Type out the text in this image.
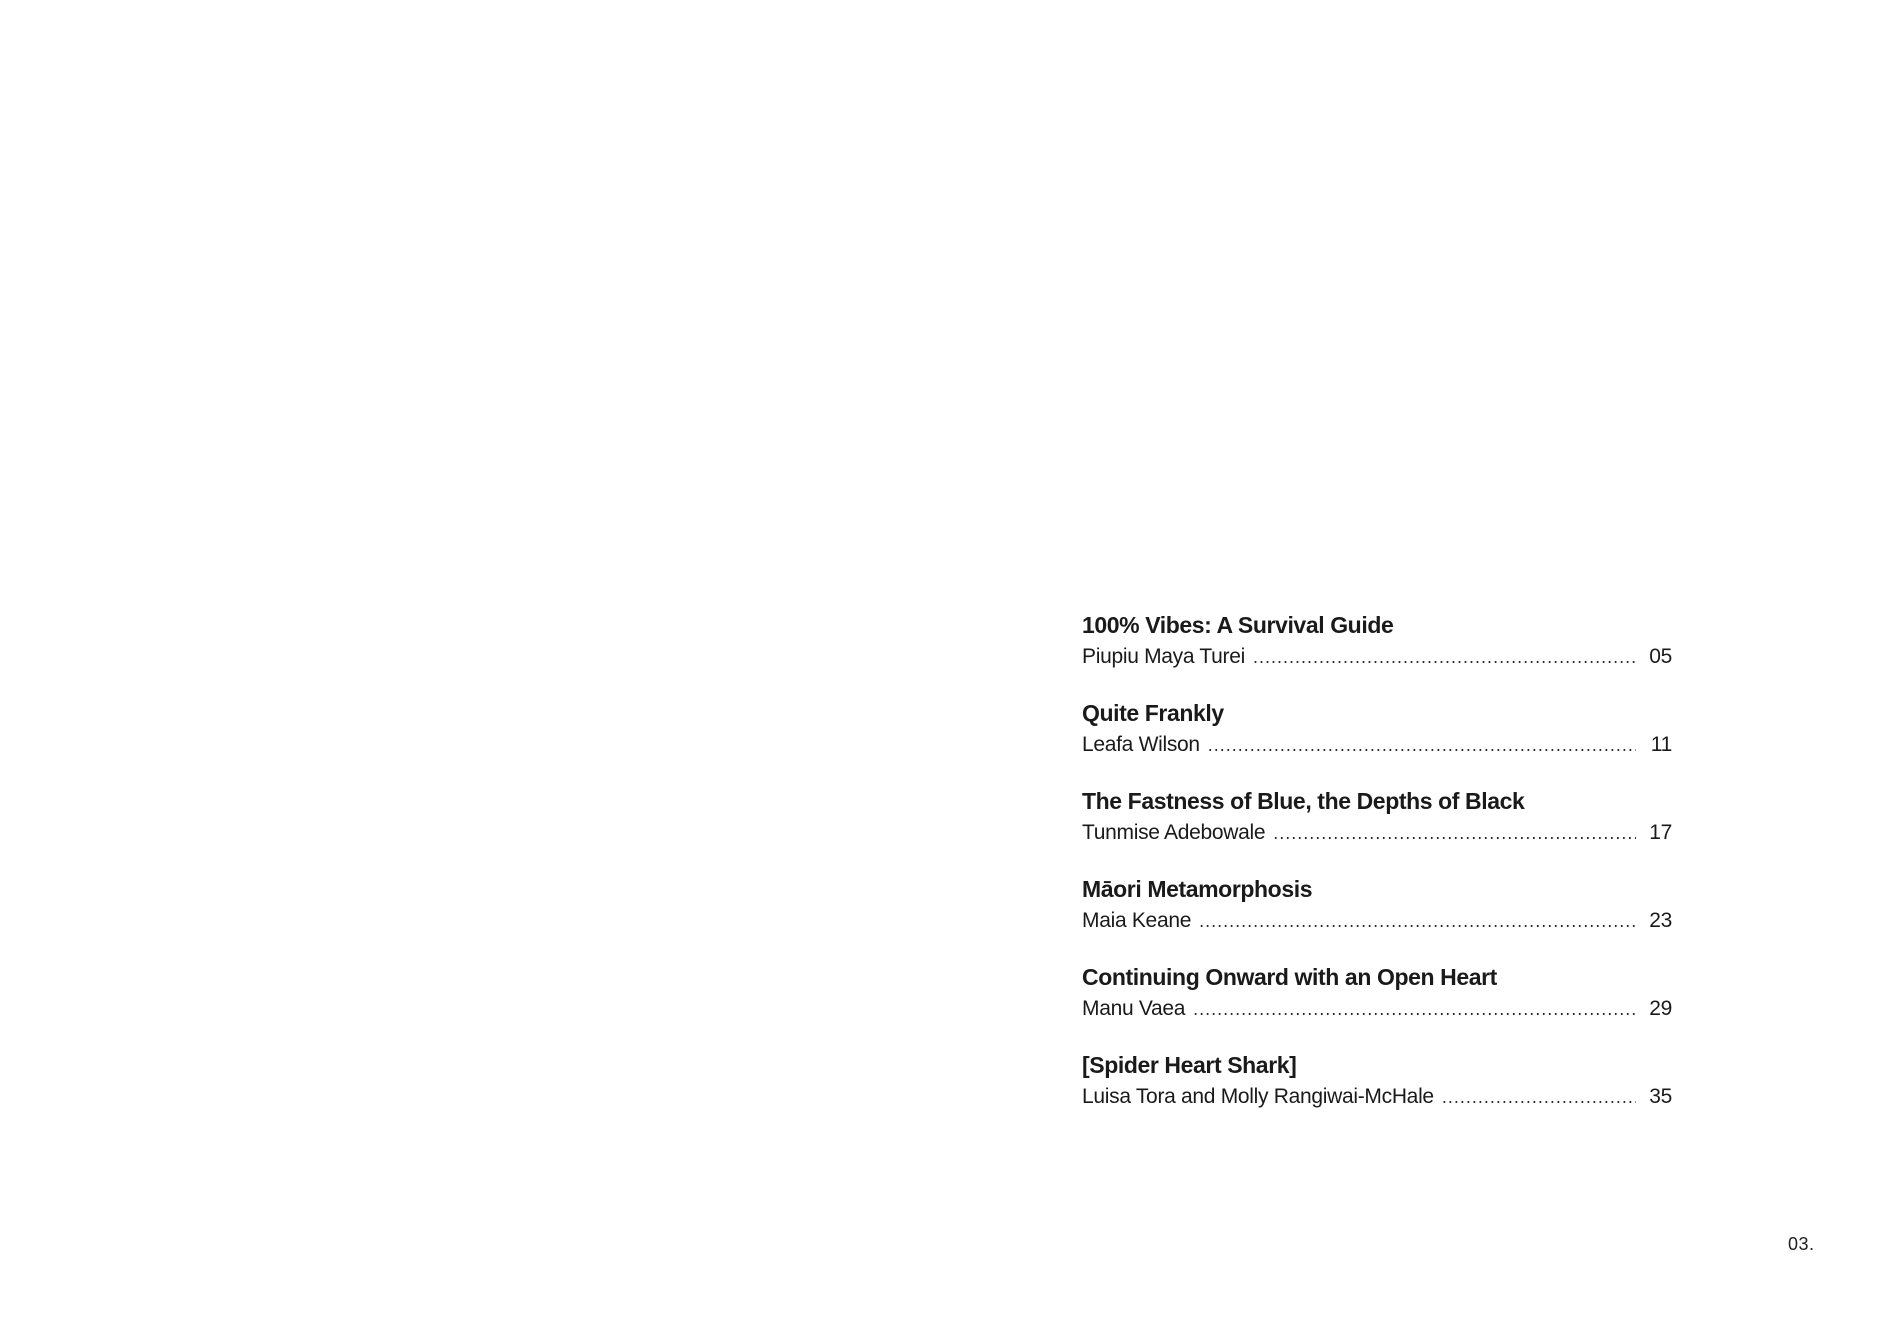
100% Vibes: A Survival Guide
Piupiu Maya Turei . . .	05
Quite Frankly
Leafa Wilson . . .	11
The Fastness of Blue, the Depths of Black
Tunmise Adebowale . . .	17
Māori Metamorphosis
Maia Keane . . .	23
Continuing Onward with an Open Heart
Manu Vaea . . .	29
[Spider Heart Shark]
Luisa Tora and Molly Rangiwai-McHale . . .	35
03.
